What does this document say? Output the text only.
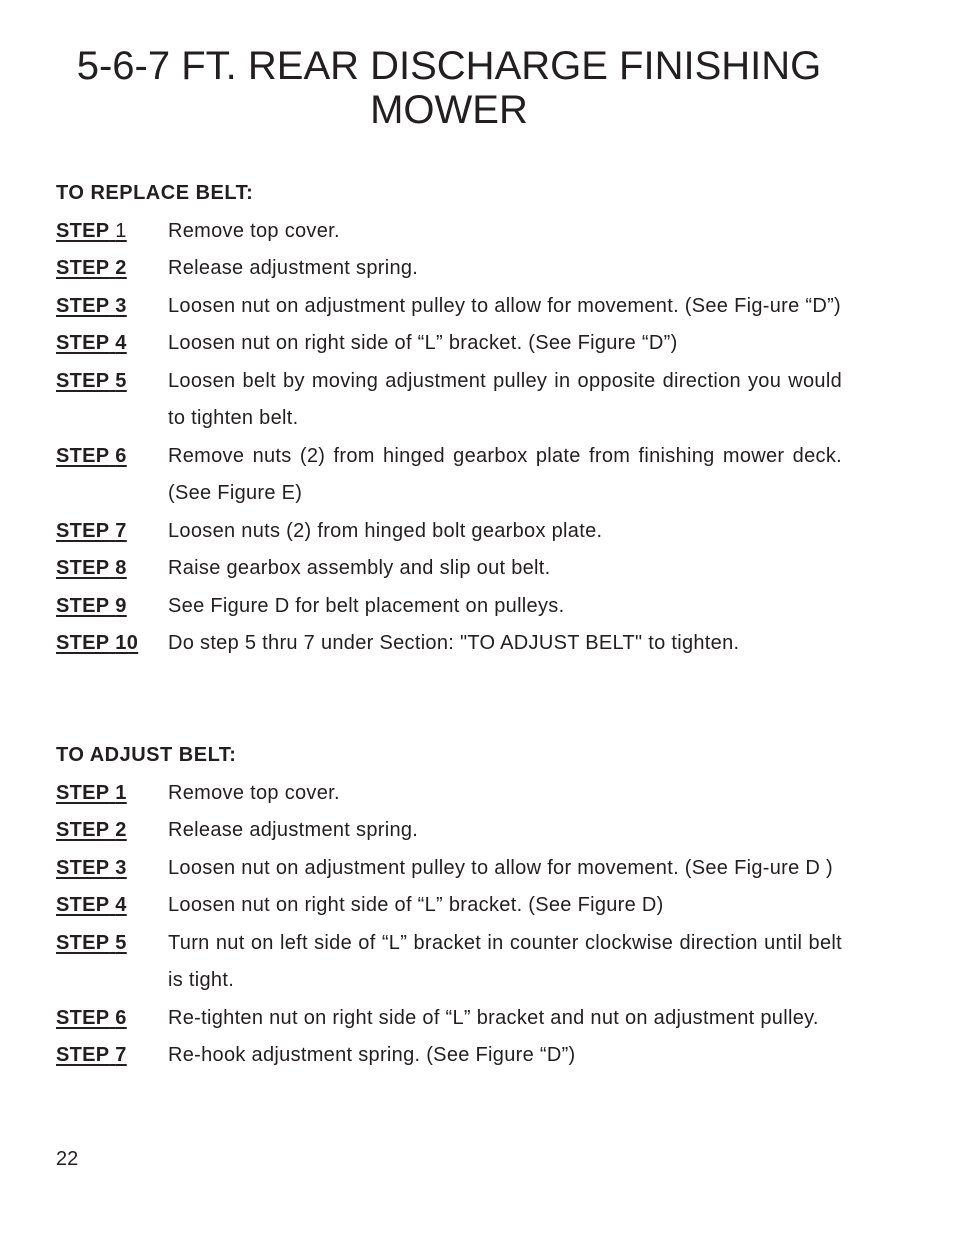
5-6-7 FT. REAR DISCHARGE FINISHING
MOWER
TO REPLACE BELT:
STEP 1	Remove top cover.
STEP 2	Release adjustment spring.
STEP 3	Loosen nut on adjustment pulley to allow for movement. (See Fig-ure “D”)
STEP 4	Loosen nut on right side of “L” bracket. (See Figure “D”)
STEP 5	Loosen belt by moving adjustment pulley in opposite direction you would to tighten belt.
STEP 6	Remove nuts (2) from hinged gearbox plate from finishing mower deck. (See Figure E)
STEP 7	Loosen nuts (2) from hinged bolt gearbox plate.
STEP 8	Raise gearbox assembly and slip out belt.
STEP 9	See Figure D for belt placement on pulleys.
STEP 10	Do step 5 thru 7 under Section: "TO ADJUST BELT" to tighten.
TO ADJUST BELT:
STEP 1	Remove top cover.
STEP 2	Release adjustment spring.
STEP 3	Loosen nut on adjustment pulley to allow for movement. (See Fig-ure D )
STEP 4	Loosen nut on right side of “L” bracket. (See Figure D)
STEP 5	Turn nut on left side of “L” bracket in counter clockwise direction until belt is tight.
STEP 6	Re-tighten nut on right side of “L” bracket and nut on adjustment pulley.
STEP 7	Re-hook adjustment spring. (See Figure “D”)
22
